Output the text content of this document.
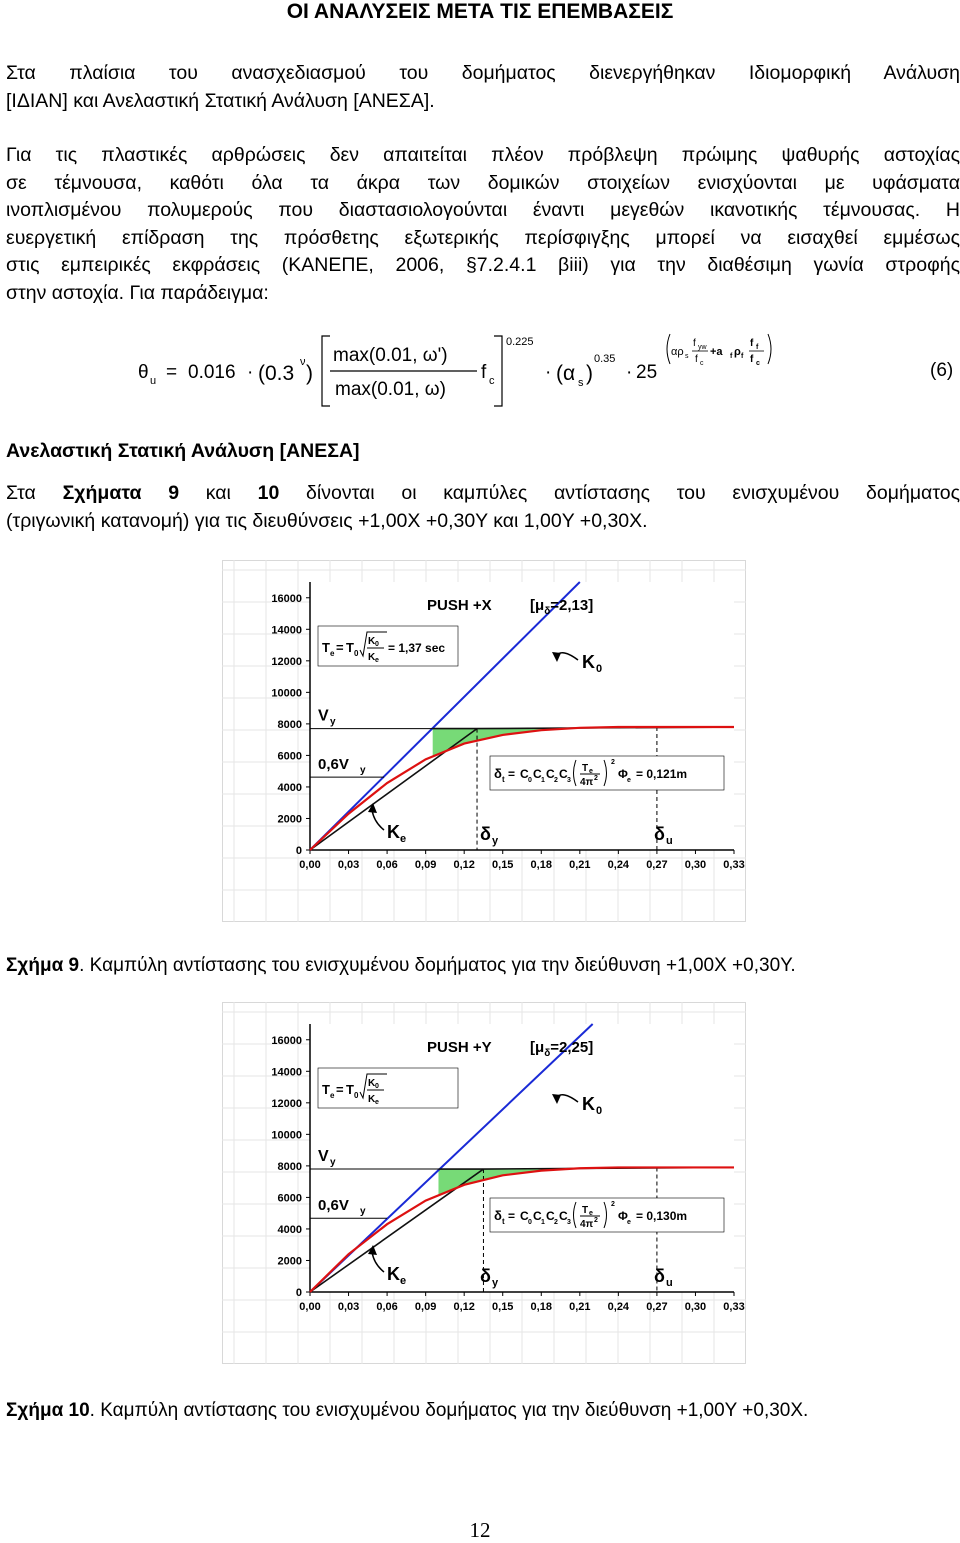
ΟΙ ΑΝΑΛΥΣΕΙΣ ΜΕΤΑ ΤΙΣ ΕΠΕΜΒΑΣΕΙΣ
Στα πλαίσια του ανασχεδιασμού του δομήματος διενεργήθηκαν Ιδιομορφική Ανάλυση
[ΙΔΙΑΝ] και Ανελαστική Στατική Ανάλυση [ΑΝΕΣΑ].
Για τις πλαστικές αρθρώσεις δεν απαιτείται πλέον πρόβλεψη πρώιμης ψαθυρής αστοχίας
σε τέμνουσα, καθότι όλα τα άκρα των δομικών στοιχείων ενισχύονται με υφάσματα
ινοπλισμένου πολυμερούς που διαστασιολογούνται έναντι μεγεθών ικανοτικής τέμνουσας. Η
ευεργετική επίδραση της πρόσθετης εξωτερικής περίσφιγξης μπορεί να εισαχθεί εμμέσως
στις εμπειρικές εκφράσεις (ΚΑΝΕΠΕ, 2006, §7.2.4.1 βiii) για την διαθέσιμη γωνία στροφής
στην αστοχία. Για παράδειγμα:
θ u = 0.016 · (0.3 ν )
max(0.01, ω')
max(0.01, ω)
f c
0.225
· (α s )
0.35
· 25
αρ s
f yw
f c
+a f ρ f
f f
f c	(6)
Ανελαστική Στατική Ανάλυση [ΑΝΕΣΑ]
Στα Σχήματα 9 και 10 δίνονται οι καμπύλες αντίστασης του ενισχυμένου δομήματος
(τριγωνική κατανομή) για τις διευθύνσεις +1,00Χ +0,30Υ και 1,00Υ +0,30Χ.
0
2000
4000
6000
8000
10000
12000
14000
16000
0,00 0,03 0,06 0,09 0,12 0,15 0,18 0,21 0,24 0,27 0,30 0,33
PUSH +X	$[\mu_\delta=2,13]$
T e = T 0
K 0
K e
= 1,37 sec
K 0
V y
0,6V y	δ t = C 0 C 1 C 2 C 3
T e
4π 2
2
Φ e = 0,121m
K e	δ y	δ u
Σχήμα 9. Καμπύλη αντίστασης του ενισχυμένου δομήματος για την διεύθυνση +1,00Χ +0,30Υ.
0
2000
4000
6000
8000
10000
12000
14000
16000
0,00 0,03 0,06 0,09 0,12 0,15 0,18 0,21 0,24 0,27 0,30 0,33
PUSH +Y	$[\mu_\delta=2,25]$
T e = T 0
K 0
K e	K 0
V y
0,6V y	δ t = C 0 C 1 C 2 C 3
T e
4π 2
2
Φ e = 0,130m
K e	δ y	δ u
Σχήμα 10. Καμπύλη αντίστασης του ενισχυμένου δομήματος για την διεύθυνση +1,00Υ +0,30Χ.
12
